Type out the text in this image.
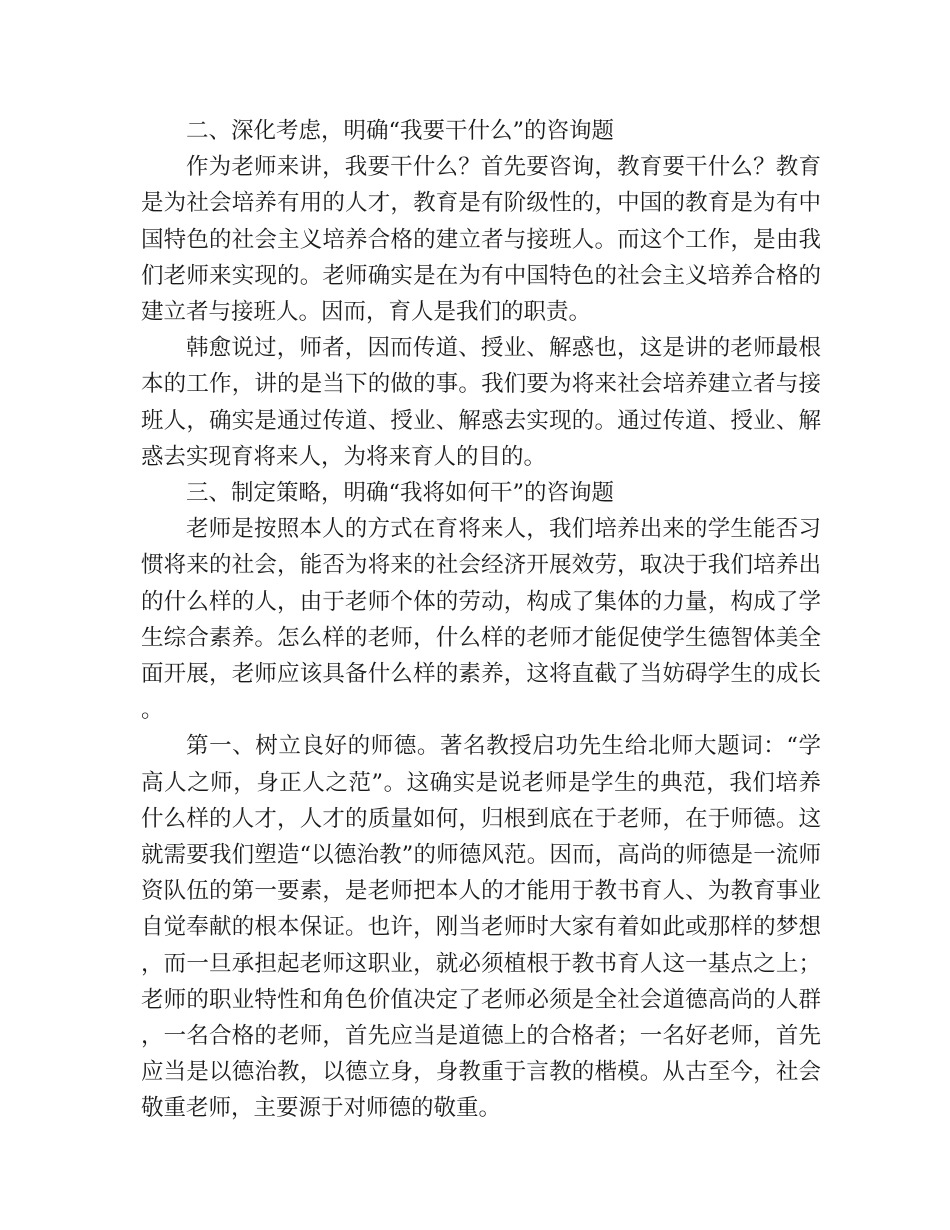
二、深化考虑，明确“我要干什么”的咨询题

作为老师来讲，我要干什么？首先要咨询，教育要干什么？教育是为社会培养有用的人才，教育是有阶级性的，中国的教育是为有中国特色的社会主义培养合格的建立者与接班人。而这个工作，是由我们老师来实现的。老师确实是在为有中国特色的社会主义培养合格的建立者与接班人。因而，育人是我们的职责。

韩愈说过，师者，因而传道、授业、解惑也，这是讲的老师最根本的工作，讲的是当下的做的事。我们要为将来社会培养建立者与接班人，确实是通过传道、授业、解惑去实现的。通过传道、授业、解惑去实现育将来人，为将来育人的目的。

三、制定策略，明确“我将如何干”的咨询题

老师是按照本人的方式在育将来人，我们培养出来的学生能否习惯将来的社会，能否为将来的社会经济开展效劳，取决于我们培养出的什么样的人，由于老师个体的劳动，构成了集体的力量，构成了学生综合素养。怎么样的老师，什么样的老师才能促使学生德智体美全面开展，老师应该具备什么样的素养，这将直截了当妨碍学生的成长。

第一、树立良好的师德。著名教授启功先生给北师大题词：“学高人之师，身正人之范”。这确实是说老师是学生的典范，我们培养什么样的人才，人才的质量如何，归根到底在于老师，在于师德。这就需要我们塑造“以德治教”的师德风范。因而，高尚的师德是一流师资队伍的第一要素，是老师把本人的才能用于教书育人、为教育事业自觉奉献的根本保证。也许，刚当老师时大家有着如此或那样的梦想，而一旦承担起老师这职业，就必须植根于教书育人这一基点之上；老师的职业特性和角色价值决定了老师必须是全社会道德高尚的人群，一名合格的老师，首先应当是道德上的合格者；一名好老师，首先应当是以德治教，以德立身，身教重于言教的楷模。从古至今，社会敬重老师，主要源于对师德的敬重。
